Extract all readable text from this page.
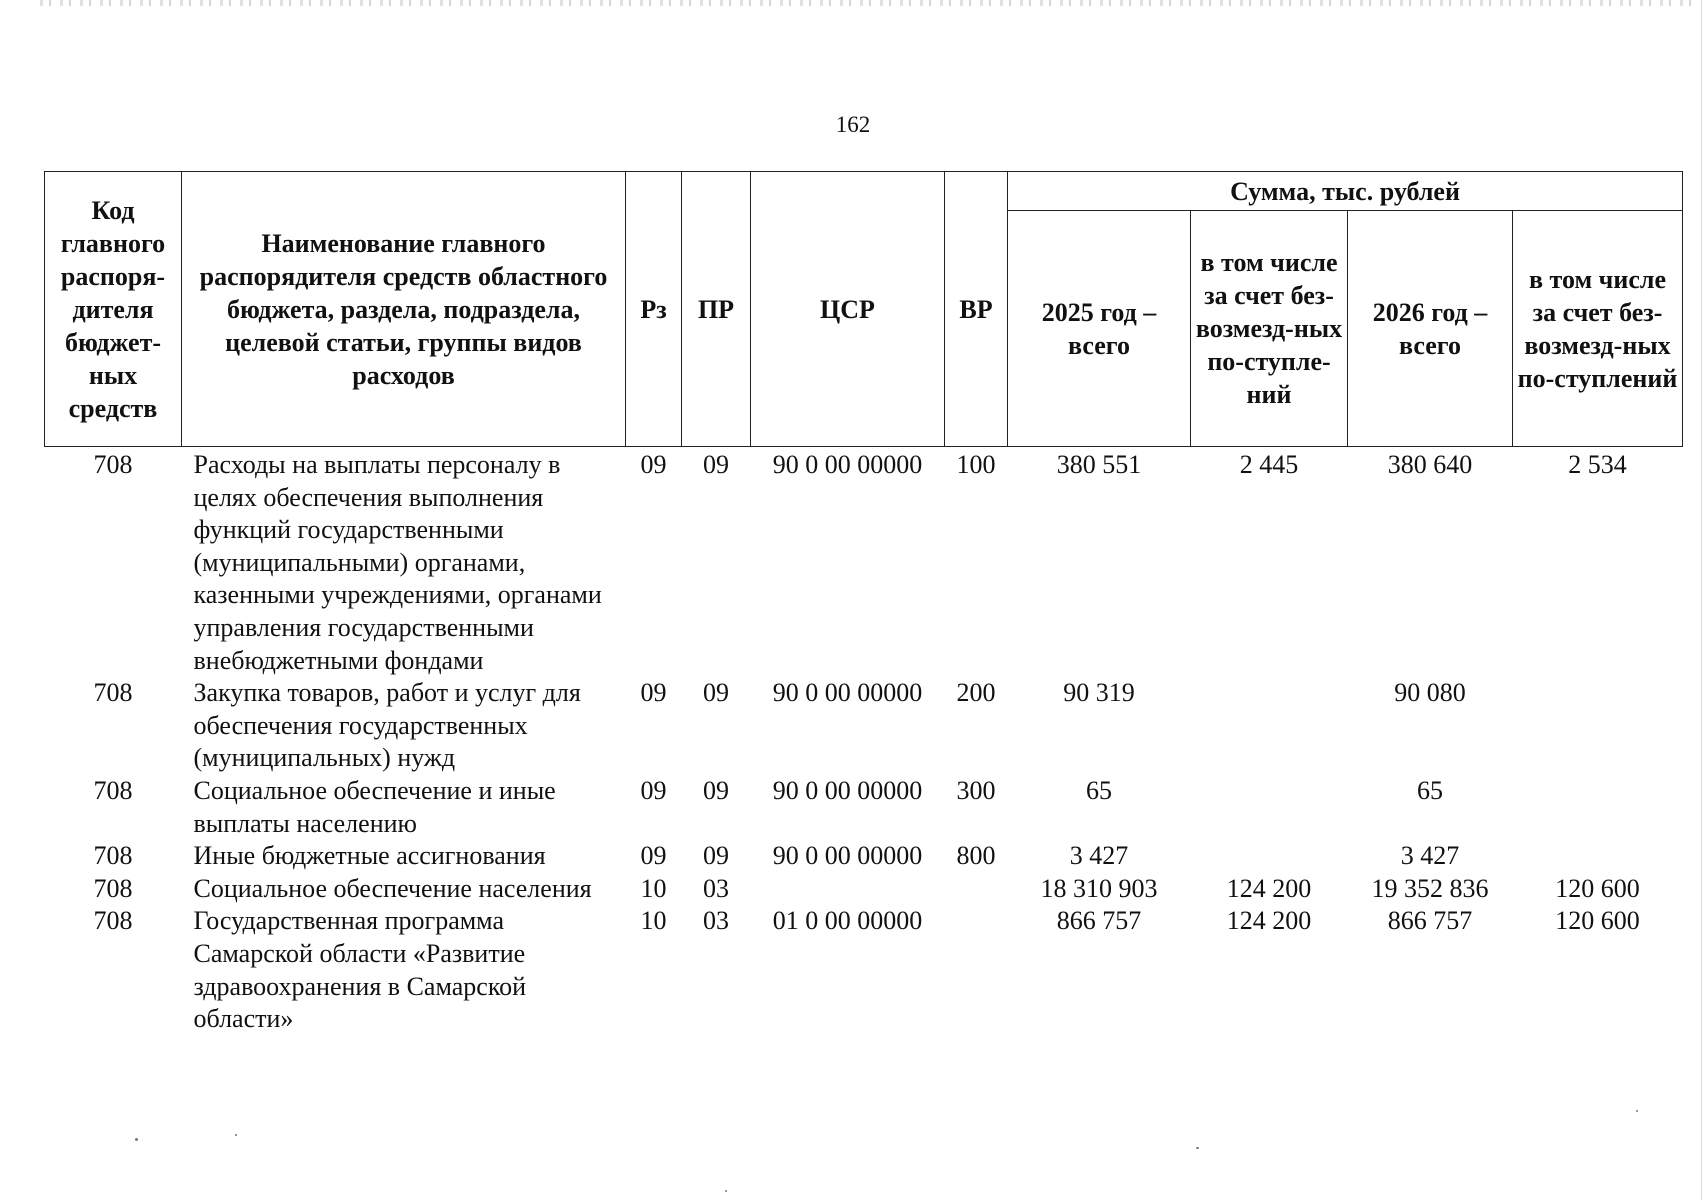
162
Код главного распоря-дителя бюджет-ных средств	Наименование главного распорядителя средств областного бюджета, раздела, подраздела, целевой статьи, группы видов расходов	Рз	ПР	ЦСР	ВР	Сумма, тыс. рублей			
						2025 год – всего	в том числе за счет без-возмезд-ных по-ступле-ний	2026 год – всего	в том числе за счет без-возмезд-ных по-ступлений
708	Расходы на выплаты персоналу в целях обеспечения выполнения функций государственными (муниципальными) органами, казенными учреждениями, органами управления государственными внебюджетными фондами	09	09	90 0 00 00000	100	380 551	2 445	380 640	2 534
708	Закупка товаров, работ и услуг для обеспечения государственных (муниципальных) нужд	09	09	90 0 00 00000	200	90 319		90 080	
708	Социальное обеспечение и иные выплаты населению	09	09	90 0 00 00000	300	65		65	
708	Иные бюджетные ассигнования	09	09	90 0 00 00000	800	3 427		3 427	
708	Социальное обеспечение населения	10	03			18 310 903	124 200	19 352 836	120 600
708	Государственная программа Самарской области «Развитие здравоохранения в Самарской области»	10	03	01 0 00 00000		866 757	124 200	866 757	120 600
